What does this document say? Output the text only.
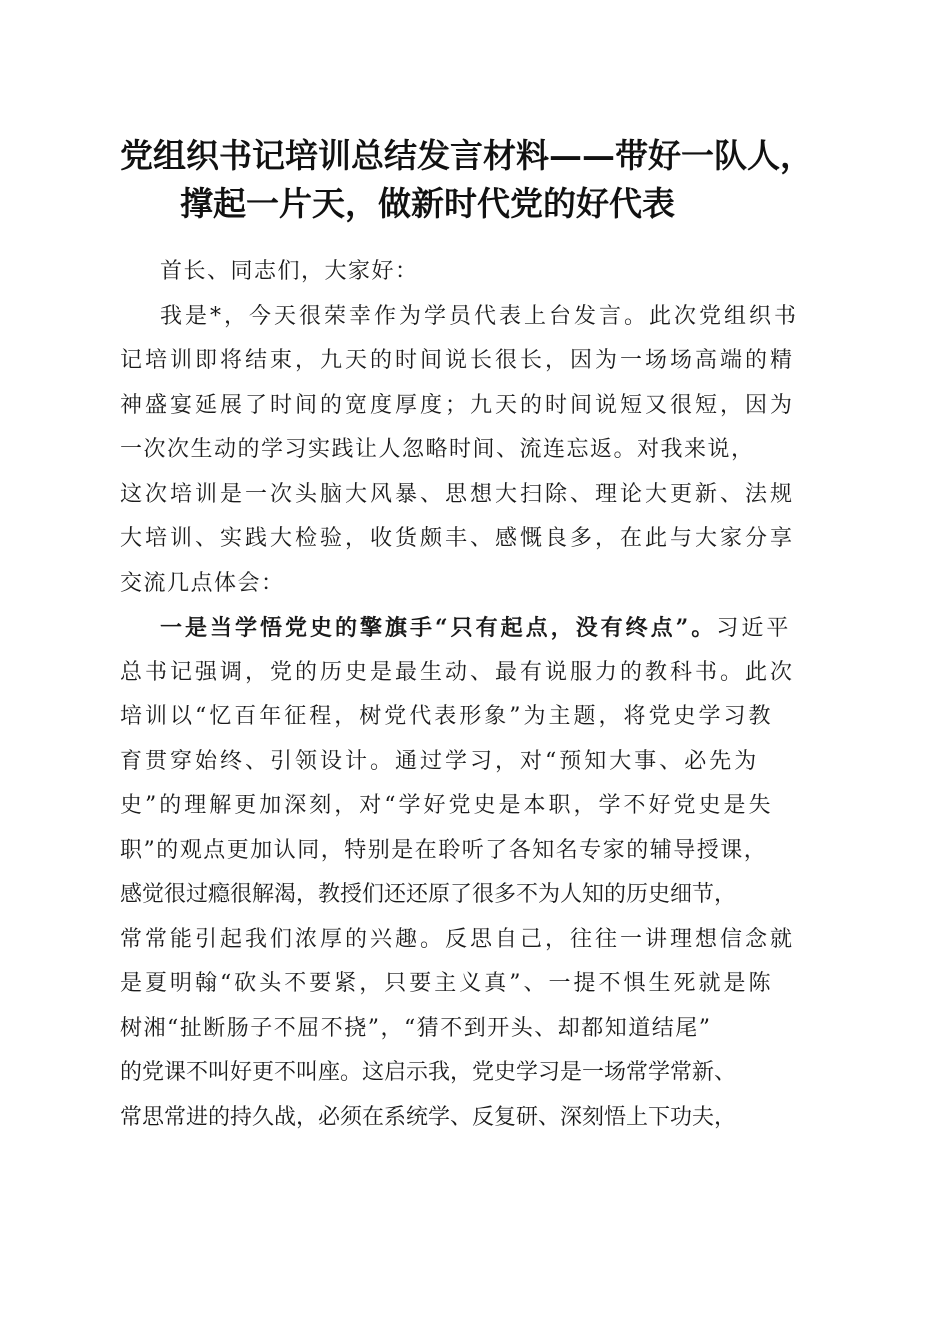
党组织书记培训总结发言材料——带好一队人，
撑起一片天，做新时代党的好代表
首长、同志们，大家好：
我是*，今天很荣幸作为学员代表上台发言。此次党组织书
记培训即将结束，九天的时间说长很长，因为一场场高端的精
神盛宴延展了时间的宽度厚度；九天的时间说短又很短，因为
一次次生动的学习实践让人忽略时间、流连忘返。对我来说，
这次培训是一次头脑大风暴、思想大扫除、理论大更新、法规
大培训、实践大检验，收货颇丰、感慨良多，在此与大家分享
交流几点体会：
一是当学悟党史的擎旗手“只有起点，没有终点”。习近平
总书记强调，党的历史是最生动、最有说服力的教科书。此次
培训以“忆百年征程，树党代表形象”为主题，将党史学习教
育贯穿始终、引领设计。通过学习，对“预知大事、必先为
史”的理解更加深刻，对“学好党史是本职，学不好党史是失
职”的观点更加认同，特别是在聆听了各知名专家的辅导授课，
感觉很过瘾很解渴，教授们还还原了很多不为人知的历史细节，
常常能引起我们浓厚的兴趣。反思自己，往往一讲理想信念就
是夏明翰“砍头不要紧，只要主义真”、一提不惧生死就是陈
树湘“扯断肠子不屈不挠”，“猜不到开头、却都知道结尾”
的党课不叫好更不叫座。这启示我，党史学习是一场常学常新、
常思常进的持久战，必须在系统学、反复研、深刻悟上下功夫，
